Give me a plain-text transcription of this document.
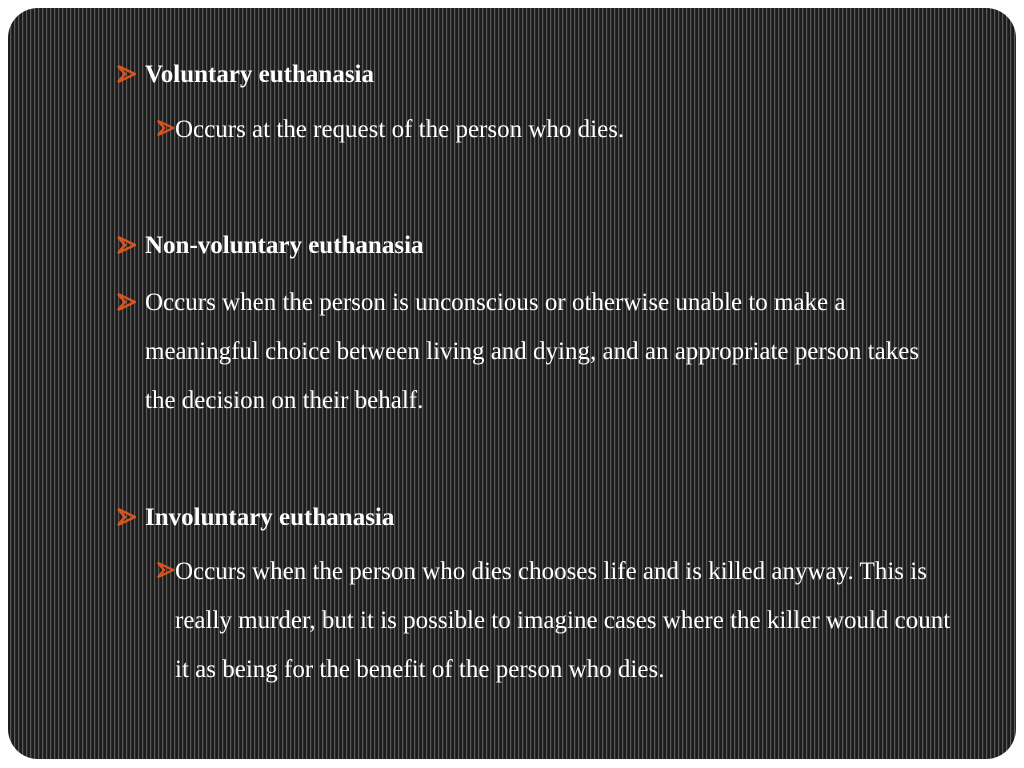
Voluntary euthanasia
Occurs at the request of the person who dies.
Non-voluntary euthanasia
Occurs when the person is unconscious or otherwise unable to make a meaningful choice between living and dying, and an appropriate person takes the decision on their behalf.
Involuntary euthanasia
Occurs when the person who dies chooses life and is killed anyway. This is really murder, but it is possible to imagine cases where the killer would count it as being for the benefit of the person who dies.
